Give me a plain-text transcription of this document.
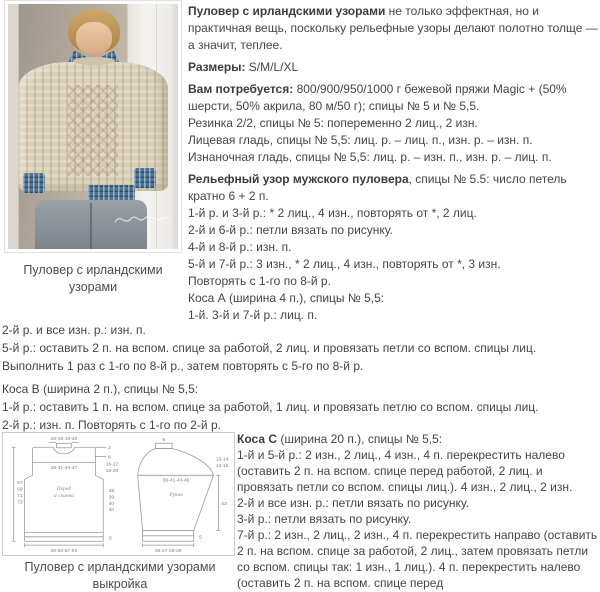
Пуловер с ирландскими узорами

Пуловер с ирландскими узорами не только эффектная, но и практичная вещь, поскольку рельефные узоры делают полотно толще — а значит, теплее.

Размеры: S/M/L/XL

Вам потребуется: 800/900/950/1000 г бежевой пряжи Magic + (50% шерсти, 50% акрила, 80 м/50 г); спицы № 5 и № 5,5.

Резинка 2/2, спицы № 5: попеременно 2 лиц., 2 изн.

Лицевая гладь, спицы № 5,5: лиц. р. – лиц. п., изн. р. – изн. п.

Изнаночная гладь, спицы № 5,5: лиц. р. – изн. п., изн. р. – лиц. п.

Рельефный узор мужского пуловера, спицы № 5.5: число петель кратно 6 + 2 п.

1-й р. и 3-й р.: * 2 лиц., 4 изн., повторять от *, 2 лиц.

2-й и 6-й р.: петли вязать по рисунку.

4-й и 8-й р.: изн. п.

5-й и 7-й р.: 3 изн., * 2 лиц., 4 изн., повторять от *, 3 изн.

Повторять с 1-го по 8-й р.

Коса А (ширина 4 п.), спицы № 5,5:

1-й. 3-й и 7-й р.: лиц. п.

2-й р. и все изн. р.: изн. п.

5-й р.: оставить 2 п. на вспом. спице за работой, 2 лиц. и провязать петли со вспом. спицы лиц.

Выполнить 1 раз с 1-го по 8-й р., затем повторять с 5-го по 8-й р.

Коса В (ширина 2 п.), спицы № 5,5:

1-й р.: оставить 1 п. на вспом. спице за работой, 1 лиц. и провязать петлю со вспом. спицы лиц.

2-й р.: изн. п. Повторять с 1-го по 2-й р.

Коса С (ширина 20 п.), спицы № 5,5:

1-й и 5-й р.: 2 изн., 2 лиц., 4 изн., 4 п. перекрестить налево (оставить 2 п. на вспом. спице перед работой, 2 лиц. и провязать петли со вспом. спицы лиц.). 4 изн., 2 лиц., 2 изн.

2-й и все изн. р.: петли вязать по рисунку.

3-й р.: петли вязать по рисунку.

7-й р.: 2 изн., 2 лиц., 2 изн., 4 п. перекрестить направо (оставить 2 п. на вспом. спице за работой, 2 лиц., затем провязать петли со вспом. спицы так: 1 изн., 1 лиц.). 4 п. перекрестить налево (оставить 2 п. на вспом. спице перед

18-18-19-20
2
8
38-41-44-47
16-17
18-20
Перед
и спинка
67
69
71
73
38
39
40
40
5
49-53-57-61
9
13-14
14-15
39-41-43-46
Рукав
43
5
26-27-28-29
Пуловер с ирландскими узорами
выкройка
